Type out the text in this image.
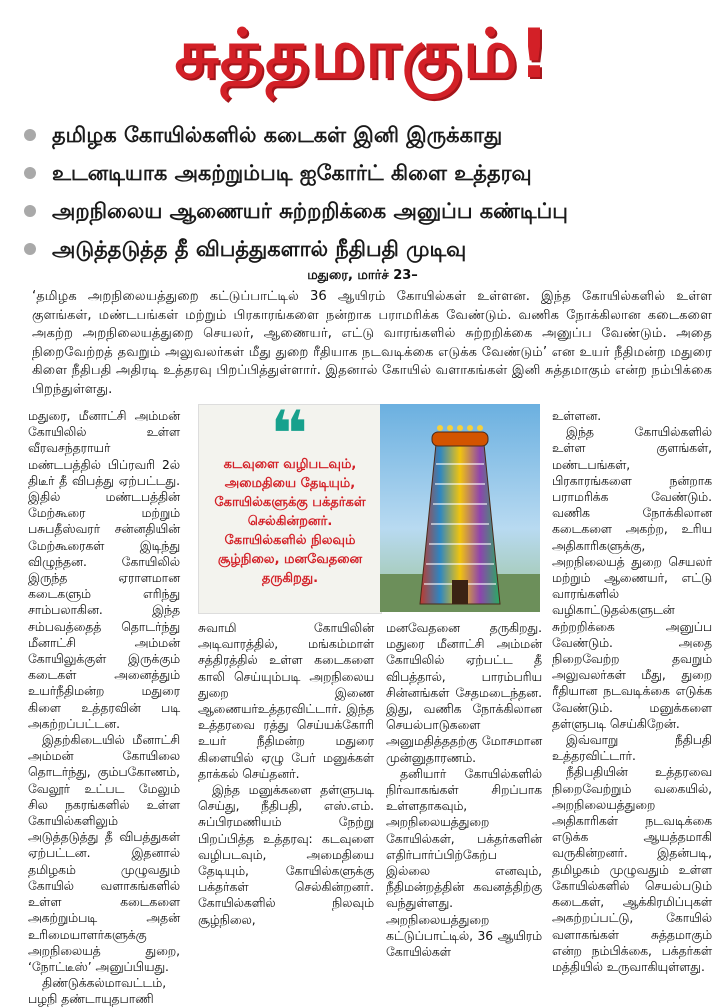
சுத்தமாகும்!
தமிழக கோயில்களில் கடைகள் இனி இருக்காது
உடனடியாக அகற்றும்படி ஐகோர்ட் கிளை உத்தரவு
அறநிலைய ஆணையர் சுற்றறிக்கை அனுப்ப கண்டிப்பு
அடுத்தடுத்த தீ விபத்துகளால் நீதிபதி முடிவு
மதுரை, மார்ச் 23–
‘தமிழக அறநிலையத்துறை கட்டுப்பாட்டில் 36 ஆயிரம் கோயில்கள் உள்ளன. இந்த கோயில்களில் உள்ள குளங்கள், மண்டபங்கள் மற்றும் பிரகாரங்களை நன்றாக பராமரிக்க வேண்டும். வணிக நோக்கிலான கடைகளை அகற்ற அறநிலையத்துறை செயலர், ஆணையர், எட்டு வாரங்களில் சுற்றறிக்கை அனுப்ப வேண்டும். அதை நிறைவேற்றத் தவறும் அலுவலர்கள் மீது துறை ரீதியாக நடவடிக்கை எடுக்க வேண்டும்’ என உயர் நீதிமன்ற மதுரை கிளை நீதிபதி அதிரடி உத்தரவு பிறப்பித்துள்ளார். இதனால் கோயில் வளாகங்கள் இனி சுத்தமாகும் என்ற நம்பிக்கை பிறந்துள்ளது.

மதுரை, மீனாட்சி அம்மன் கோயிலில் உள்ள வீரவசந்தராயர் மண்டபத்தில் பிப்ரவரி 2ல் திடீர் தீ விபத்து ஏற்பட்டது. இதில் மண்டபத்தின் மேற்கூரை மற்றும் பசுபதீஸ்வரர் சன்னதியின் மேற்கூரைகள் இடிந்து விழுந்தன. கோயிலில் இருந்த ஏராளமான கடைகளும் எரிந்து சாம்பலாகின. இந்த சம்பவத்தைத் தொடர்ந்து மீனாட்சி அம்மன் கோயிலுக்குள் இருக்கும் கடைகள் அனைத்தும் உயர்நீதிமன்ற மதுரை கிளை உத்தரவின் படி அகற்றப்பட்டன.

இதற்கிடையில் மீனாட்சி அம்மன் கோயிலை தொடர்ந்து, கும்பகோணம், வேலூர் உட்பட மேலும் சில நகரங்களில் உள்ள கோயில்களிலும் அடுத்தடுத்து தீ விபத்துகள் ஏற்பட்டன. இதனால் தமிழகம் முழுவதும் கோயில் வளாகங்களில் உள்ள கடைகளை அகற்றும்படி அதன் உரிமையாளர்களுக்கு அறநிலையத் துறை, ‘நோட்டீஸ்’ அனுப்பியது.

திண்டுக்கல்மாவட்டம், பழநி தண்டாயுதபாணி

❝
கடவுளை வழிபடவும், அமைதியை தேடியும், கோயில்களுக்கு பக்தர்கள் செல்கின்றனர். கோயில்களில் நிலவும் சூழ்நிலை, மனவேதனை தருகிறது.

சுவாமி கோயிலின் அடிவாரத்தில், மங்கம்மாள் சத்திரத்தில் உள்ள கடைகளை காலி செய்யும்படி அறநிலைய துறை இணை ஆணையர்உத்தரவிட்டார். இந்த உத்தரவை ரத்து செய்யக்கோரி உயர் நீதிமன்ற மதுரை கிளையில் ஏழு பேர் மனுக்கள் தாக்கல் செய்தனர்.

இந்த மனுக்களை தள்ளுபடி செய்து, நீதிபதி, எஸ்.எம். சுப்பிரமணியம் நேற்று பிறப்பித்த உத்தரவு: கடவுளை வழிபடவும், அமைதியை தேடியும், கோயில்களுக்கு பக்தர்கள் செல்கின்றனர். கோயில்களில் நிலவும் சூழ்நிலை,

மனவேதனை தருகிறது. மதுரை மீனாட்சி அம்மன் கோயிலில் ஏற்பட்ட தீ விபத்தால், பாரம்பரிய சின்னங்கள் சேதமடைந்தன. இது, வணிக நோக்கிலான செயல்பாடுகளை அனுமதித்ததற்கு மோசமான முன்னுதாரணம்.

தனியார் கோயில்களில் நிர்வாகங்கள் சிறப்பாக உள்ளதாகவும், அறநிலையத்துறை கோயில்கள், பக்தர்களின் எதிர்பார்ப்பிற்கேற்ப இல்லை எனவும், நீதிமன்றத்தின் கவனத்திற்கு வந்துள்ளது. அறநிலையத்துறை கட்டுப்பாட்டில், 36 ஆயிரம் கோயில்கள்

உள்ளன.

இந்த கோயில்களில் உள்ள குளங்கள், மண்டபங்கள், பிரகாரங்களை நன்றாக பராமரிக்க வேண்டும். வணிக நோக்கிலான கடைகளை அகற்ற, உரிய அதிகாரிகளுக்கு, அறநிலையத் துறை செயலர் மற்றும் ஆணையர், எட்டு வாரங்களில் வழிகாட்டுதல்களுடன் சுற்றறிக்கை அனுப்ப வேண்டும். அதை நிறைவேற்ற தவறும் அலுவலர்கள் மீது, துறை ரீதியான நடவடிக்கை எடுக்க வேண்டும். மனுக்களை தள்ளுபடி செய்கிறேன்.

இவ்வாறு நீதிபதி உத்தரவிட்டார்.

நீதிபதியின் உத்தரவை நிறைவேற்றும் வகையில், அறநிலையத்துறை அதிகாரிகள் நடவடிக்கை எடுக்க ஆயத்தமாகி வருகின்றனர். இதன்படி, தமிழகம் முழுவதும் உள்ள கோயில்களில் செயல்படும் கடைகள், ஆக்கிரமிப்புகள் அகற்றப்பட்டு, கோயில் வளாகங்கள் சுத்தமாகும் என்ற நம்பிக்கை, பக்தர்கள் மத்தியில் உருவாகியுள்ளது.
